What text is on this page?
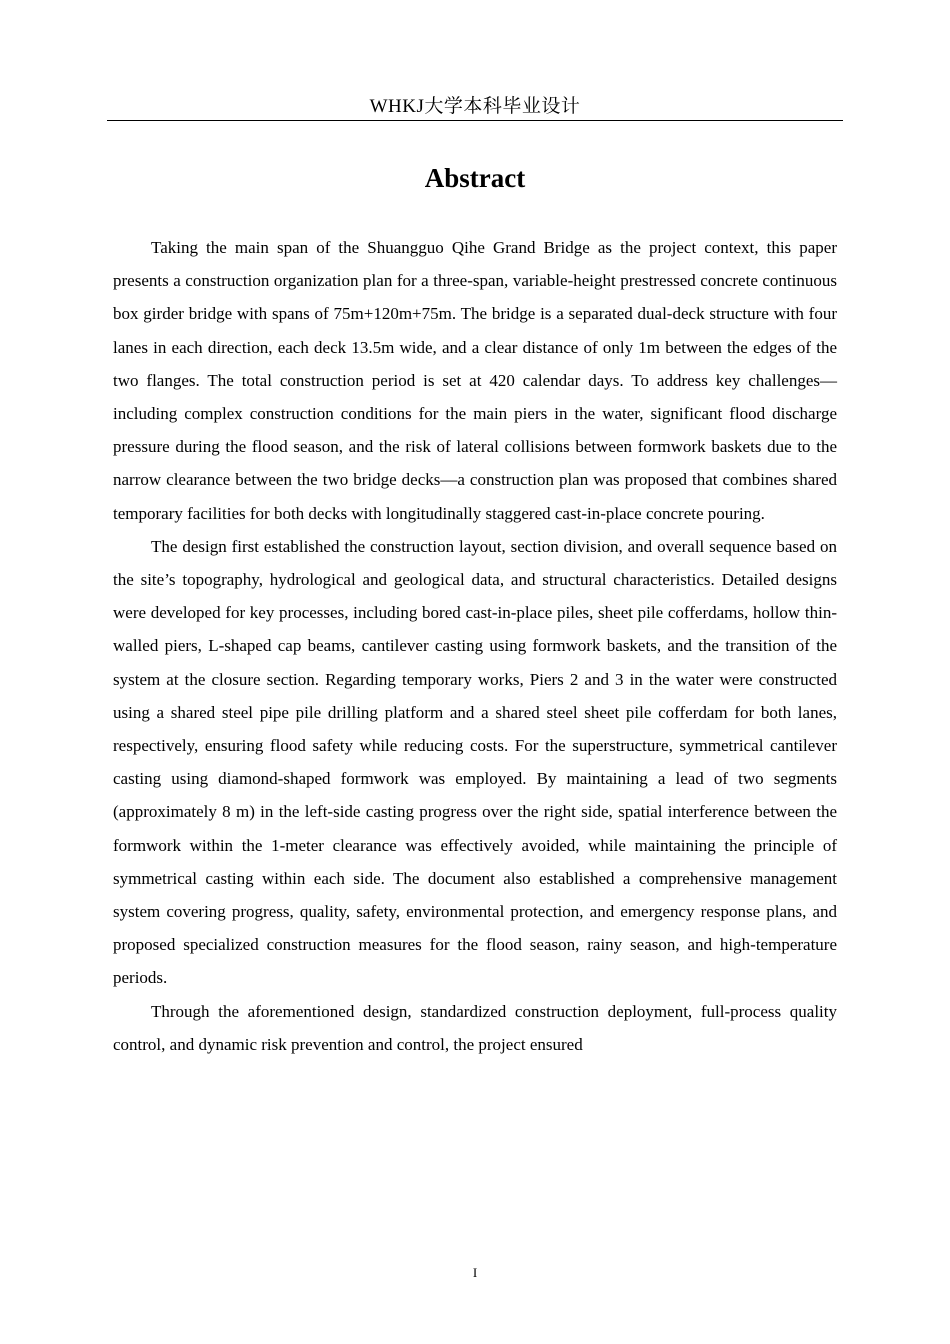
WHKJ大学本科毕业设计
Abstract

Taking the main span of the Shuangguo Qihe Grand Bridge as the project context, this paper presents a construction organization plan for a three-span, variable-height prestressed concrete continuous box girder bridge with spans of 75m+120m+75m. The bridge is a separated dual-deck structure with four lanes in each direction, each deck 13.5m wide, and a clear distance of only 1m between the edges of the two flanges. The total construction period is set at 420 calendar days. To address key challenges—including complex construction conditions for the main piers in the water, significant flood discharge pressure during the flood season, and the risk of lateral collisions between formwork baskets due to the narrow clearance between the two bridge decks—a construction plan was proposed that combines shared temporary facilities for both decks with longitudinally staggered cast-in-place concrete pouring.

The design first established the construction layout, section division, and overall sequence based on the site’s topography, hydrological and geological data, and structural characteristics. Detailed designs were developed for key processes, including bored cast-in-place piles, sheet pile cofferdams, hollow thin-walled piers, L-shaped cap beams, cantilever casting using formwork baskets, and the transition of the system at the closure section. Regarding temporary works, Piers 2 and 3 in the water were constructed using a shared steel pipe pile drilling platform and a shared steel sheet pile cofferdam for both lanes, respectively, ensuring flood safety while reducing costs. For the superstructure, symmetrical cantilever casting using diamond-shaped formwork was employed. By maintaining a lead of two segments (approximately 8 m) in the left-side casting progress over the right side, spatial interference between the formwork within the 1-meter clearance was effectively avoided, while maintaining the principle of symmetrical casting within each side. The document also established a comprehensive management system covering progress, quality, safety, environmental protection, and emergency response plans, and proposed specialized construction measures for the flood season, rainy season, and high-temperature periods.

Through the aforementioned design, standardized construction deployment, full-process quality control, and dynamic risk prevention and control, the project ensured

I
